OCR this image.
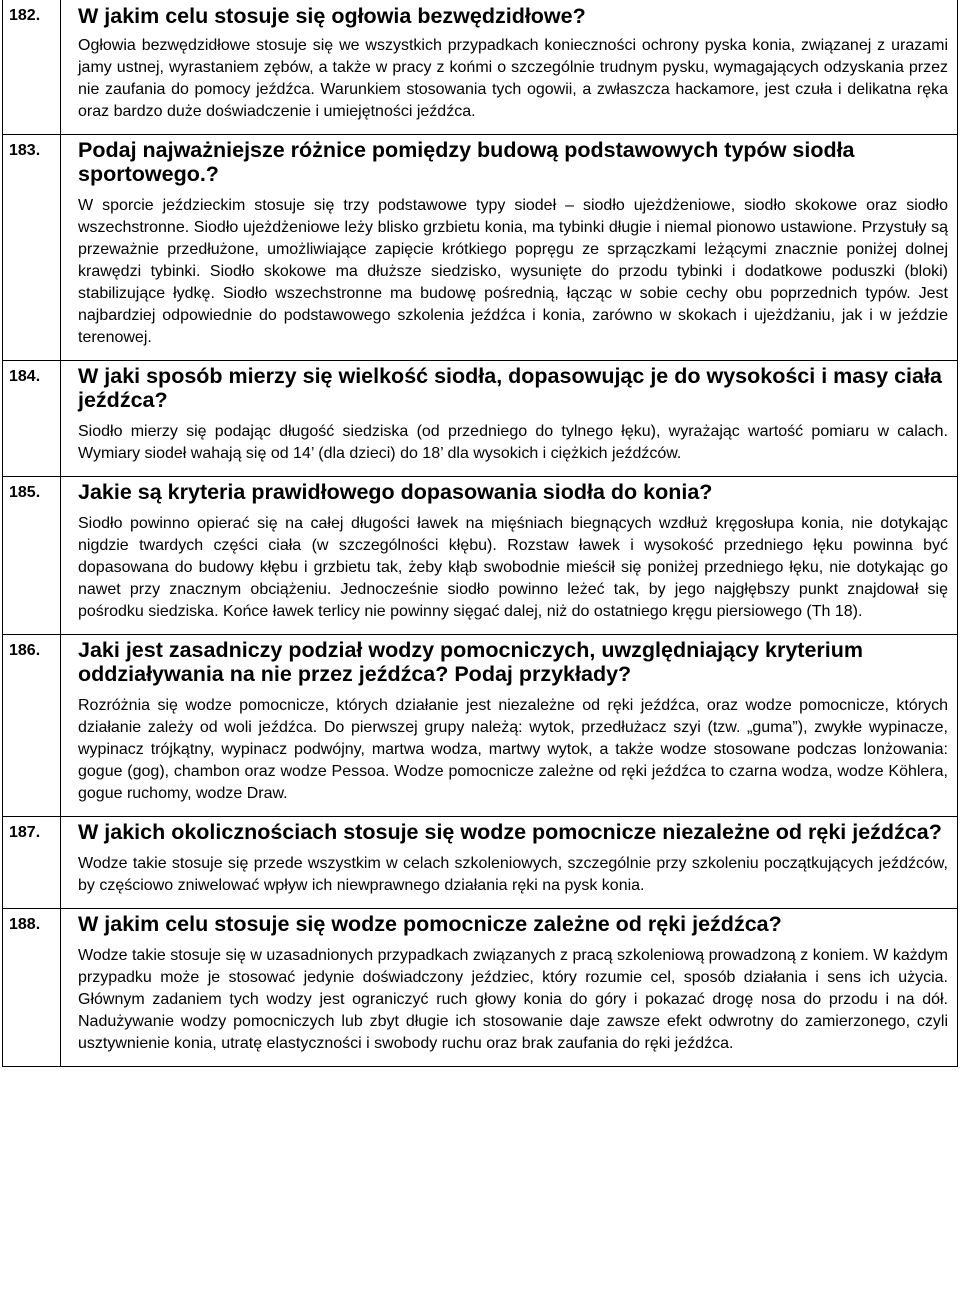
182.	W jakim celu stosuje się ogłowia bezwędzidłowe?

Ogłowia bezwędzidłowe stosuje się we wszystkich przypadkach konieczności ochrony pyska konia, związanej z urazami jamy ustnej, wyrastaniem zębów, a także w pracy z końmi o szczególnie trudnym pysku, wymagających odzyskania przez nie zaufania do pomocy jeźdźca. Warunkiem stosowania tych ogowii, a zwłaszcza hackamore, jest czuła i delikatna ręka oraz bardzo duże doświadczenie i umiejętności jeźdźca.

183.	Podaj najważniejsze różnice pomiędzy budową podstawowych typów siodła sportowego.?

W sporcie jeździeckim stosuje się trzy podstawowe typy siodeł – siodło ujeżdżeniowe, siodło skokowe oraz siodło wszechstronne. Siodło ujeżdżeniowe leży blisko grzbietu konia, ma tybinki długie i niemal pionowo ustawione. Przystuły są przeważnie przedłużone, umożliwiające zapięcie krótkiego popręgu ze sprzączkami leżącymi znacznie poniżej dolnej krawędzi tybinki. Siodło skokowe ma dłuższe siedzisko, wysunięte do przodu tybinki i dodatkowe poduszki (bloki) stabilizujące łydkę. Siodło wszechstronne ma budowę pośrednią, łącząc w sobie cechy obu poprzednich typów. Jest najbardziej odpowiednie do podstawowego szkolenia jeźdźca i konia, zarówno w skokach i ujeżdżaniu, jak i w jeździe terenowej.

184.	W jaki sposób mierzy się wielkość siodła, dopasowując je do wysokości i masy ciała jeźdźca?

Siodło mierzy się podając długość siedziska (od przedniego do tylnego łęku), wyrażając wartość pomiaru w calach. Wymiary siodeł wahają się od 14’ (dla dzieci) do 18’ dla wysokich i ciężkich jeźdźców.

185.	Jakie są kryteria prawidłowego dopasowania siodła do konia?

Siodło powinno opierać się na całej długości ławek na mięśniach biegnących wzdłuż kręgosłupa konia, nie dotykając nigdzie twardych części ciała (w szczególności kłębu). Rozstaw ławek i wysokość przedniego łęku powinna być dopasowana do budowy kłębu i grzbietu tak, żeby kłąb swobodnie mieścił się poniżej przedniego łęku, nie dotykając go nawet przy znacznym obciążeniu. Jednocześnie siodło powinno leżeć tak, by jego najgłębszy punkt znajdował się pośrodku siedziska. Końce ławek terlicy nie powinny sięgać dalej, niż do ostatniego kręgu piersiowego (Th 18).

186.	Jaki jest zasadniczy podział wodzy pomocniczych, uwzględniający kryterium oddziaływania na nie przez jeźdźca? Podaj przykłady?

Rozróżnia się wodze pomocnicze, których działanie jest niezależne od ręki jeźdźca, oraz wodze pomocnicze, których działanie zależy od woli jeźdźca. Do pierwszej grupy należą: wytok, przedłużacz szyi (tzw. „guma”), zwykłe wypinacze, wypinacz trójkątny, wypinacz podwójny, martwa wodza, martwy wytok, a także wodze stosowane podczas lonżowania: gogue (gog), chambon oraz wodze Pessoa. Wodze pomocnicze zależne od ręki jeźdźca to czarna wodza, wodze Köhlera, gogue ruchomy, wodze Draw.

187.	W jakich okolicznościach stosuje się wodze pomocnicze niezależne od ręki jeźdźca?

Wodze takie stosuje się przede wszystkim w celach szkoleniowych, szczególnie przy szkoleniu początkujących jeźdźców, by częściowo zniwelować wpływ ich niewprawnego działania ręki na pysk konia.

188.	W jakim celu stosuje się wodze pomocnicze zależne od ręki jeźdźca?

Wodze takie stosuje się w uzasadnionych przypadkach związanych z pracą szkoleniową prowadzoną z koniem. W każdym przypadku może je stosować jedynie doświadczony jeździec, który rozumie cel, sposób działania i sens ich użycia. Głównym zadaniem tych wodzy jest ograniczyć ruch głowy konia do góry i pokazać drogę nosa do przodu i na dół. Nadużywanie wodzy pomocniczych lub zbyt długie ich stosowanie daje zawsze efekt odwrotny do zamierzonego, czyli usztywnienie konia, utratę elastyczności i swobody ruchu oraz brak zaufania do ręki jeźdźca.
